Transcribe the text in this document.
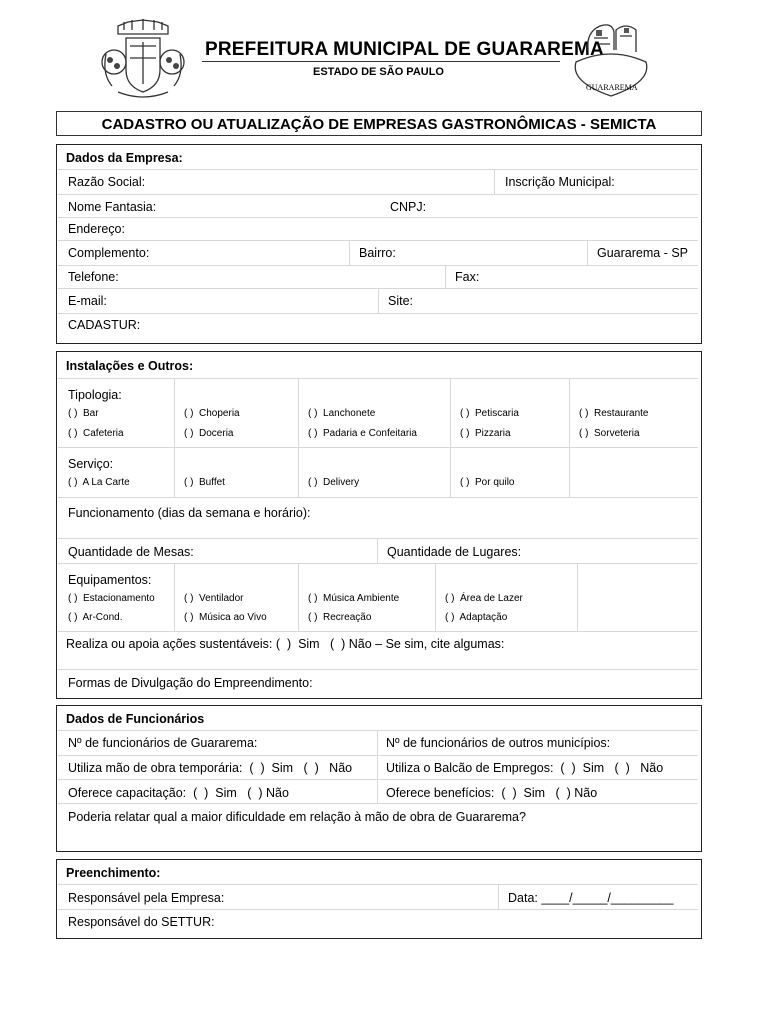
PREFEITURA MUNICIPAL DE GUARAREMA
ESTADO DE SÃO PAULO
GUARAREMA
CADASTRO OU ATUALIZAÇÃO DE EMPRESAS GASTRONÔMICAS - SEMICTA
Dados da Empresa:
Razão Social:	Inscrição Municipal:
Nome Fantasia:	CNPJ:
Endereço:
Complemento:	Bairro:	Guararema - SP
Telefone:	Fax:
E-mail:	Site:
CADASTUR:
Instalações e Outros:
Tipologia:
( ) Bar	( ) Choperia	( ) Lanchonete	( ) Petiscaria	( ) Restaurante
( ) Cafeteria	( ) Doceria	( ) Padaria e Confeitaria	( ) Pizzaria	( ) Sorveteria
Serviço:
( ) A La Carte	( ) Buffet	( ) Delivery	( ) Por quilo
Funcionamento (dias da semana e horário):
Quantidade de Mesas:	Quantidade de Lugares:
Equipamentos:
( ) Estacionamento	( ) Ventilador	( ) Música Ambiente	( ) Área de Lazer
( ) Ar-Cond.	( ) Música ao Vivo	( ) Recreação	( ) Adaptação
Realiza ou apoia ações sustentáveis: (  )  Sim   (  ) Não – Se sim, cite algumas:
Formas de Divulgação do Empreendimento:
Dados de Funcionários
Nº de funcionários de Guararema:	Nº de funcionários de outros municípios:
Utiliza mão de obra temporária:  (  )  Sim   (  )   Não	Utiliza o Balcão de Empregos:  (  )  Sim   (  )   Não
Oferece capacitação:  (  )  Sim   (  ) Não	Oferece benefícios:  (  )  Sim   (  ) Não
Poderia relatar qual a maior dificuldade em relação à mão de obra de Guararema?
Preenchimento:
Responsável pela Empresa:	Data: ____/_____/_________
Responsável do SETTUR:
